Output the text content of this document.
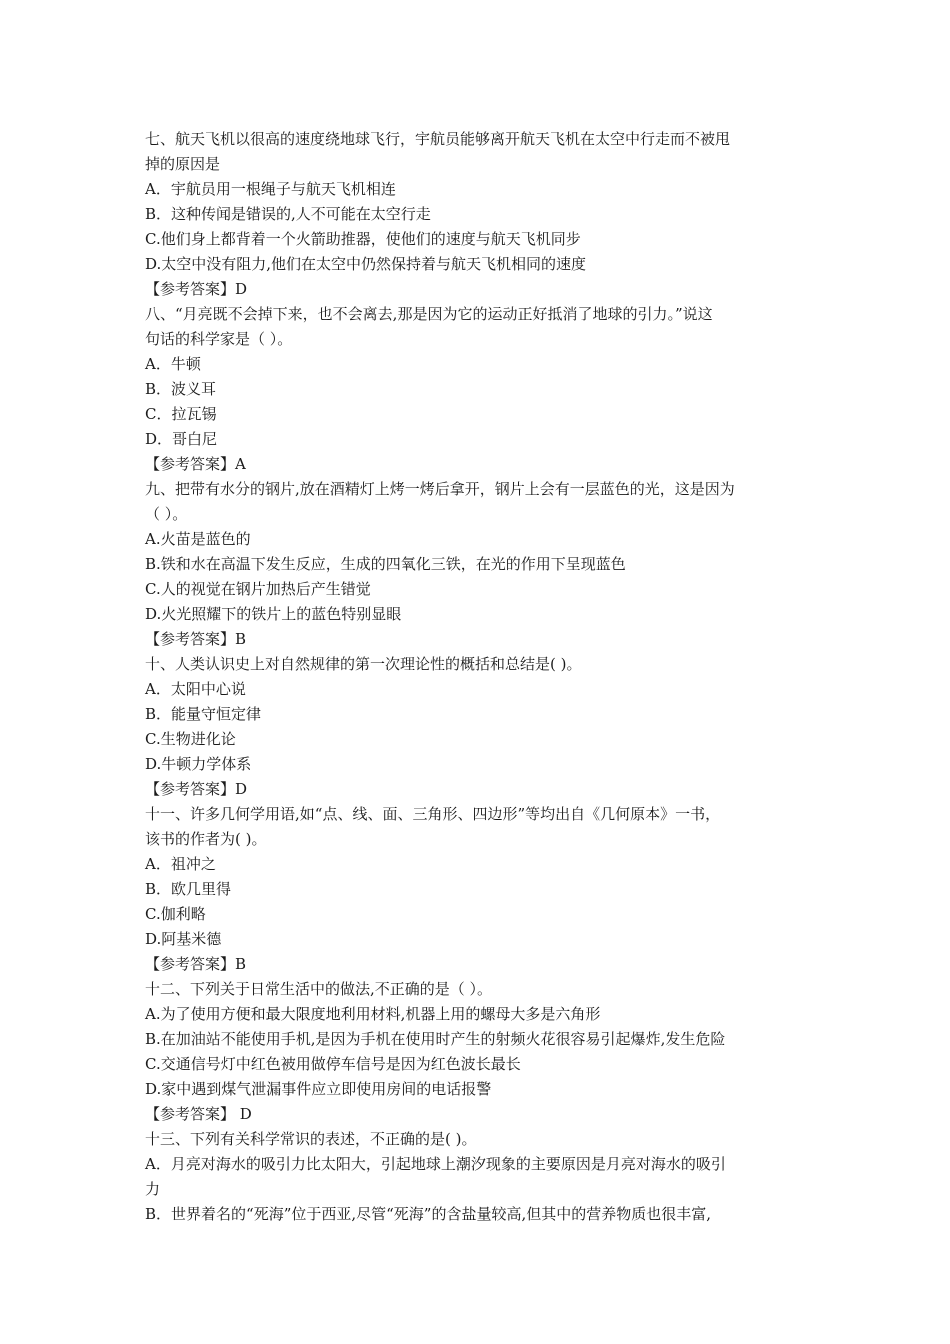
七、航天飞机以很高的速度绕地球飞行，宇航员能够离开航天飞机在太空中行走而不被甩
掉的原因是
A．宇航员用一根绳子与航天飞机相连
B．这种传闻是错误的,人不可能在太空行走
C.他们身上都背着一个火箭助推器，使他们的速度与航天飞机同步
D.太空中没有阻力,他们在太空中仍然保持着与航天飞机相同的速度
【参考答案】D
八、“月亮既不会掉下来，也不会离去,那是因为它的运动正好抵消了地球的引力。”说这
句话的科学家是（ ）。
A．牛顿
B．波义耳
C．拉瓦锡
D．哥白尼
【参考答案】A
九、把带有水分的钢片,放在酒精灯上烤一烤后拿开，钢片上会有一层蓝色的光，这是因为
（ ）。
A.火苗是蓝色的
B.铁和水在高温下发生反应，生成的四氧化三铁，在光的作用下呈现蓝色
C.人的视觉在钢片加热后产生错觉
D.火光照耀下的铁片上的蓝色特别显眼
【参考答案】B
十、人类认识史上对自然规律的第一次理论性的概括和总结是( )。
A．太阳中心说
B．能量守恒定律
C.生物进化论
D.牛顿力学体系
【参考答案】D
十一、许多几何学用语,如“点、线、面、三角形、四边形”等均出自《几何原本》一书，
该书的作者为( )。
A．祖冲之
B．欧几里得
C.伽利略
D.阿基米德
【参考答案】B
十二、下列关于日常生活中的做法,不正确的是（ ）。
A.为了使用方便和最大限度地利用材料,机器上用的螺母大多是六角形
B.在加油站不能使用手机,是因为手机在使用时产生的射频火花很容易引起爆炸,发生危险
C.交通信号灯中红色被用做停车信号是因为红色波长最长
D.家中遇到煤气泄漏事件应立即使用房间的电话报警
【参考答案】 D
十三、下列有关科学常识的表述，不正确的是( )。
A．月亮对海水的吸引力比太阳大，引起地球上潮汐现象的主要原因是月亮对海水的吸引
力
B．世界着名的“死海”位于西亚,尽管“死海”的含盐量较高,但其中的营养物质也很丰富,
